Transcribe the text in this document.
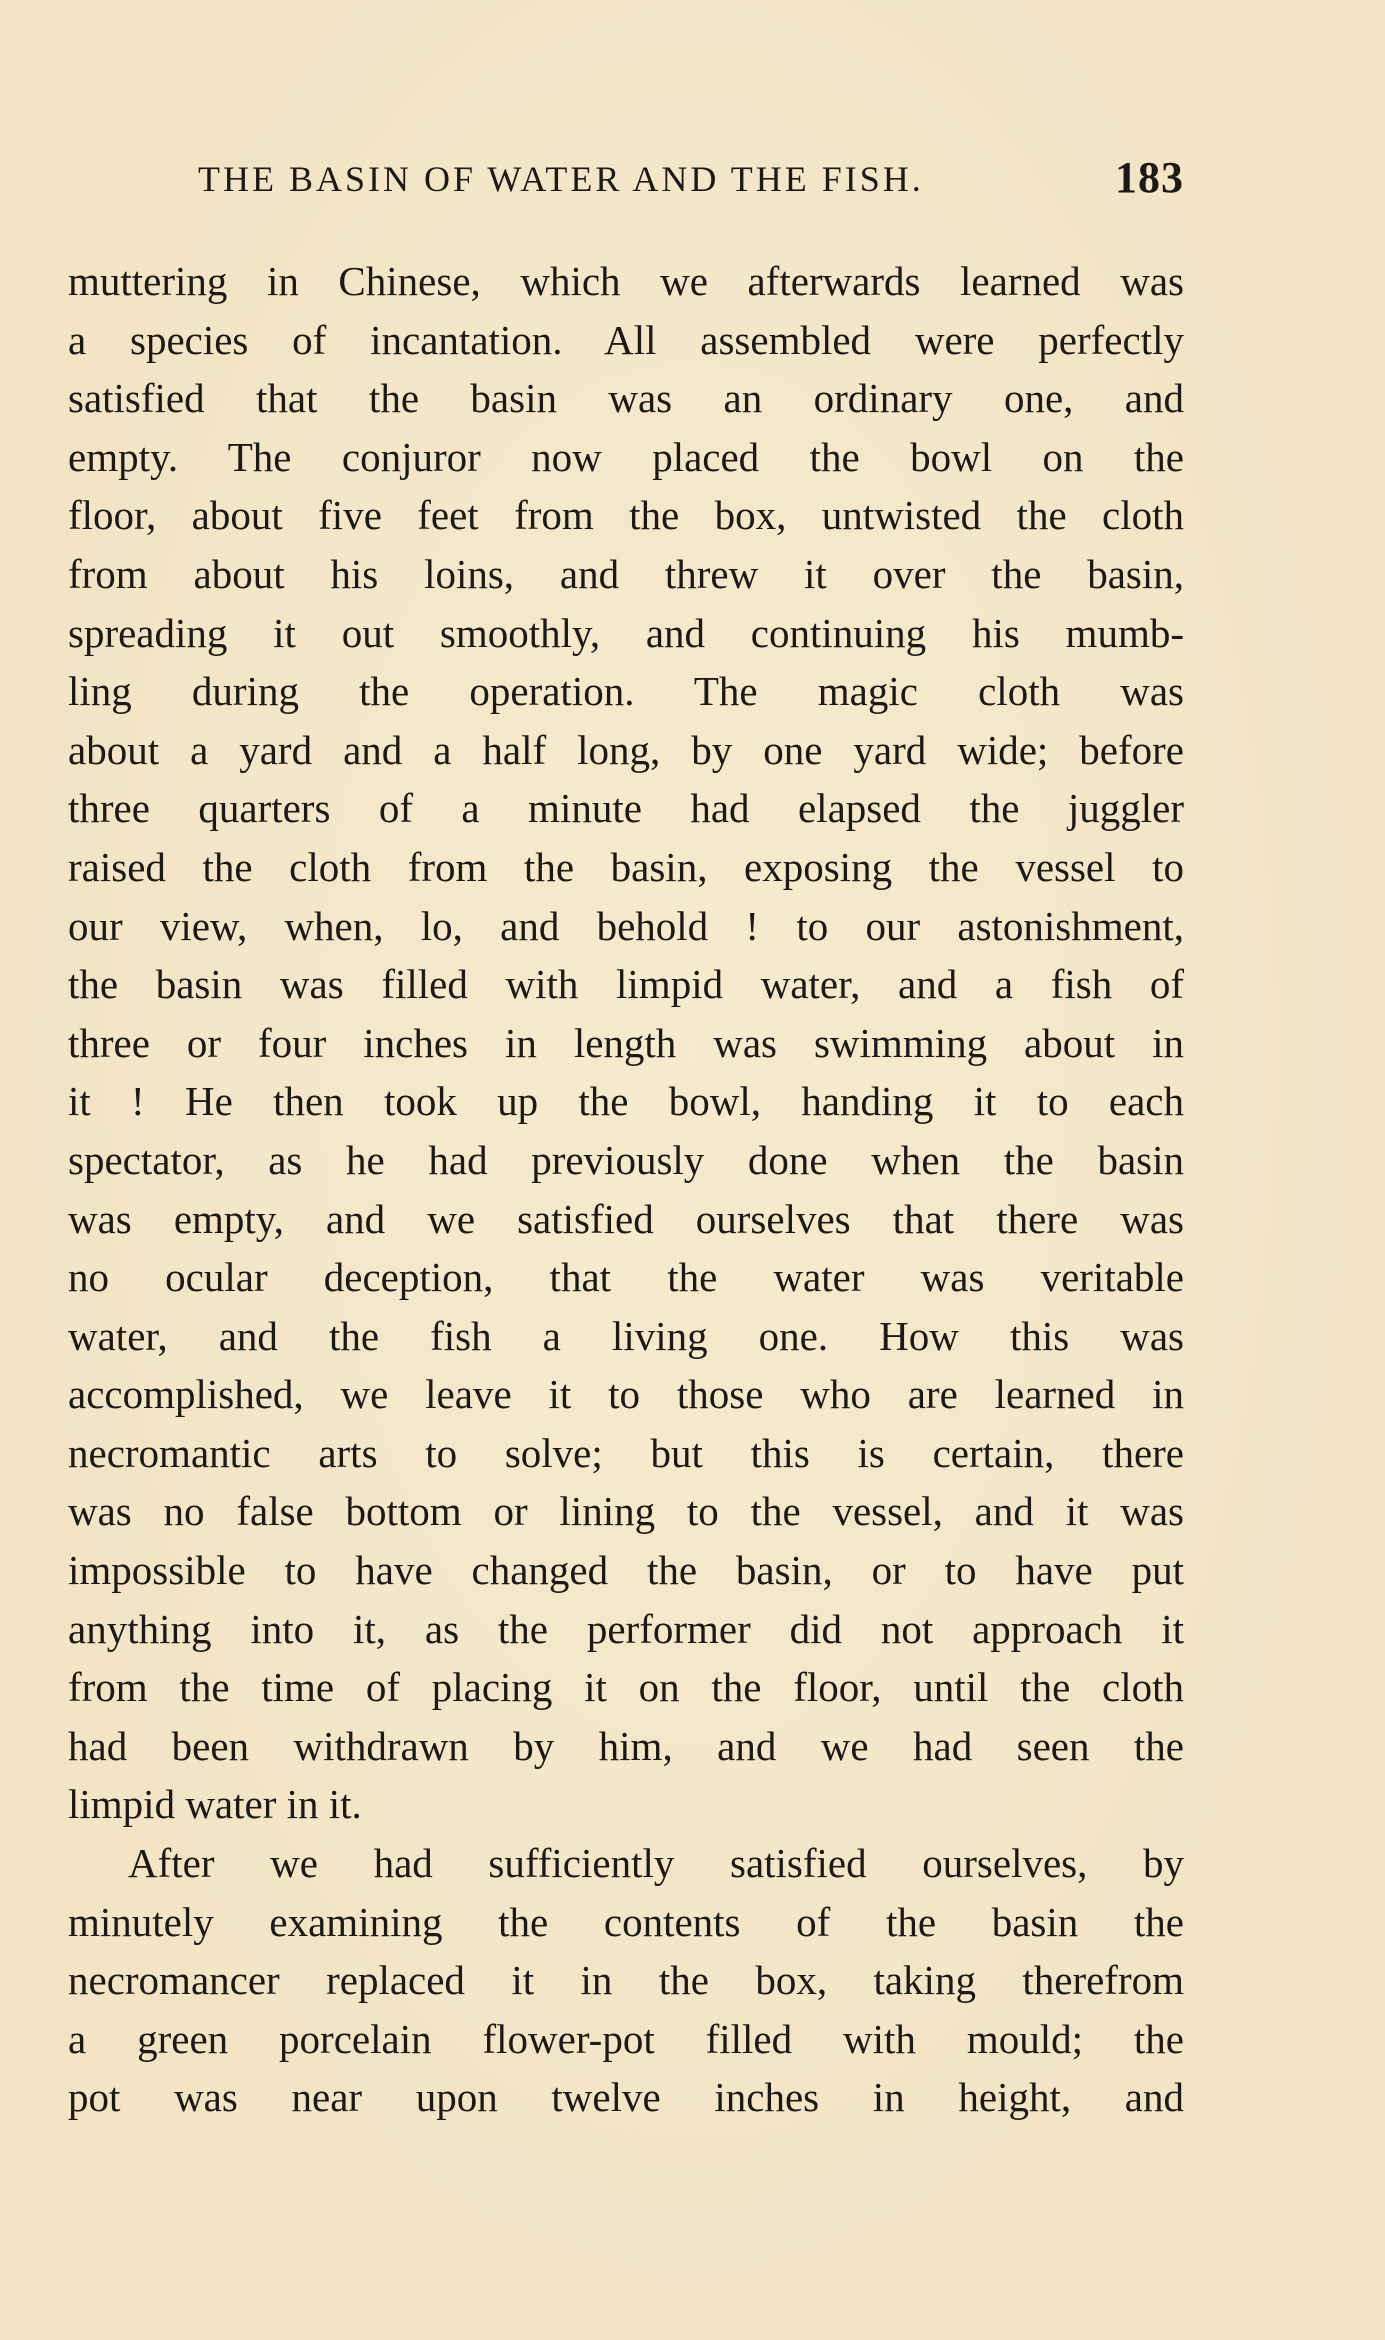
THE BASIN OF WATER AND THE FISH.	183
muttering in Chinese, which we afterwards learned was
a species of incantation. All assembled were perfectly
satisfied that the basin was an ordinary one, and
empty. The conjuror now placed the bowl on the
floor, about five feet from the box, untwisted the cloth
from about his loins, and threw it over the basin,
spreading it out smoothly, and continuing his mumb-
ling during the operation. The magic cloth was
about a yard and a half long, by one yard wide; before
three quarters of a minute had elapsed the juggler
raised the cloth from the basin, exposing the vessel to
our view, when, lo, and behold ! to our astonishment,
the basin was filled with limpid water, and a fish of
three or four inches in length was swimming about in
it ! He then took up the bowl, handing it to each
spectator, as he had previously done when the basin
was empty, and we satisfied ourselves that there was
no ocular deception, that the water was veritable
water, and the fish a living one. How this was
accomplished, we leave it to those who are learned in
necromantic arts to solve; but this is certain, there
was no false bottom or lining to the vessel, and it was
impossible to have changed the basin, or to have put
anything into it, as the performer did not approach it
from the time of placing it on the floor, until the cloth
had been withdrawn by him, and we had seen the
limpid water in it.
After we had sufficiently satisfied ourselves, by
minutely examining the contents of the basin the
necromancer replaced it in the box, taking therefrom
a green porcelain flower-pot filled with mould; the
pot was near upon twelve inches in height, and
